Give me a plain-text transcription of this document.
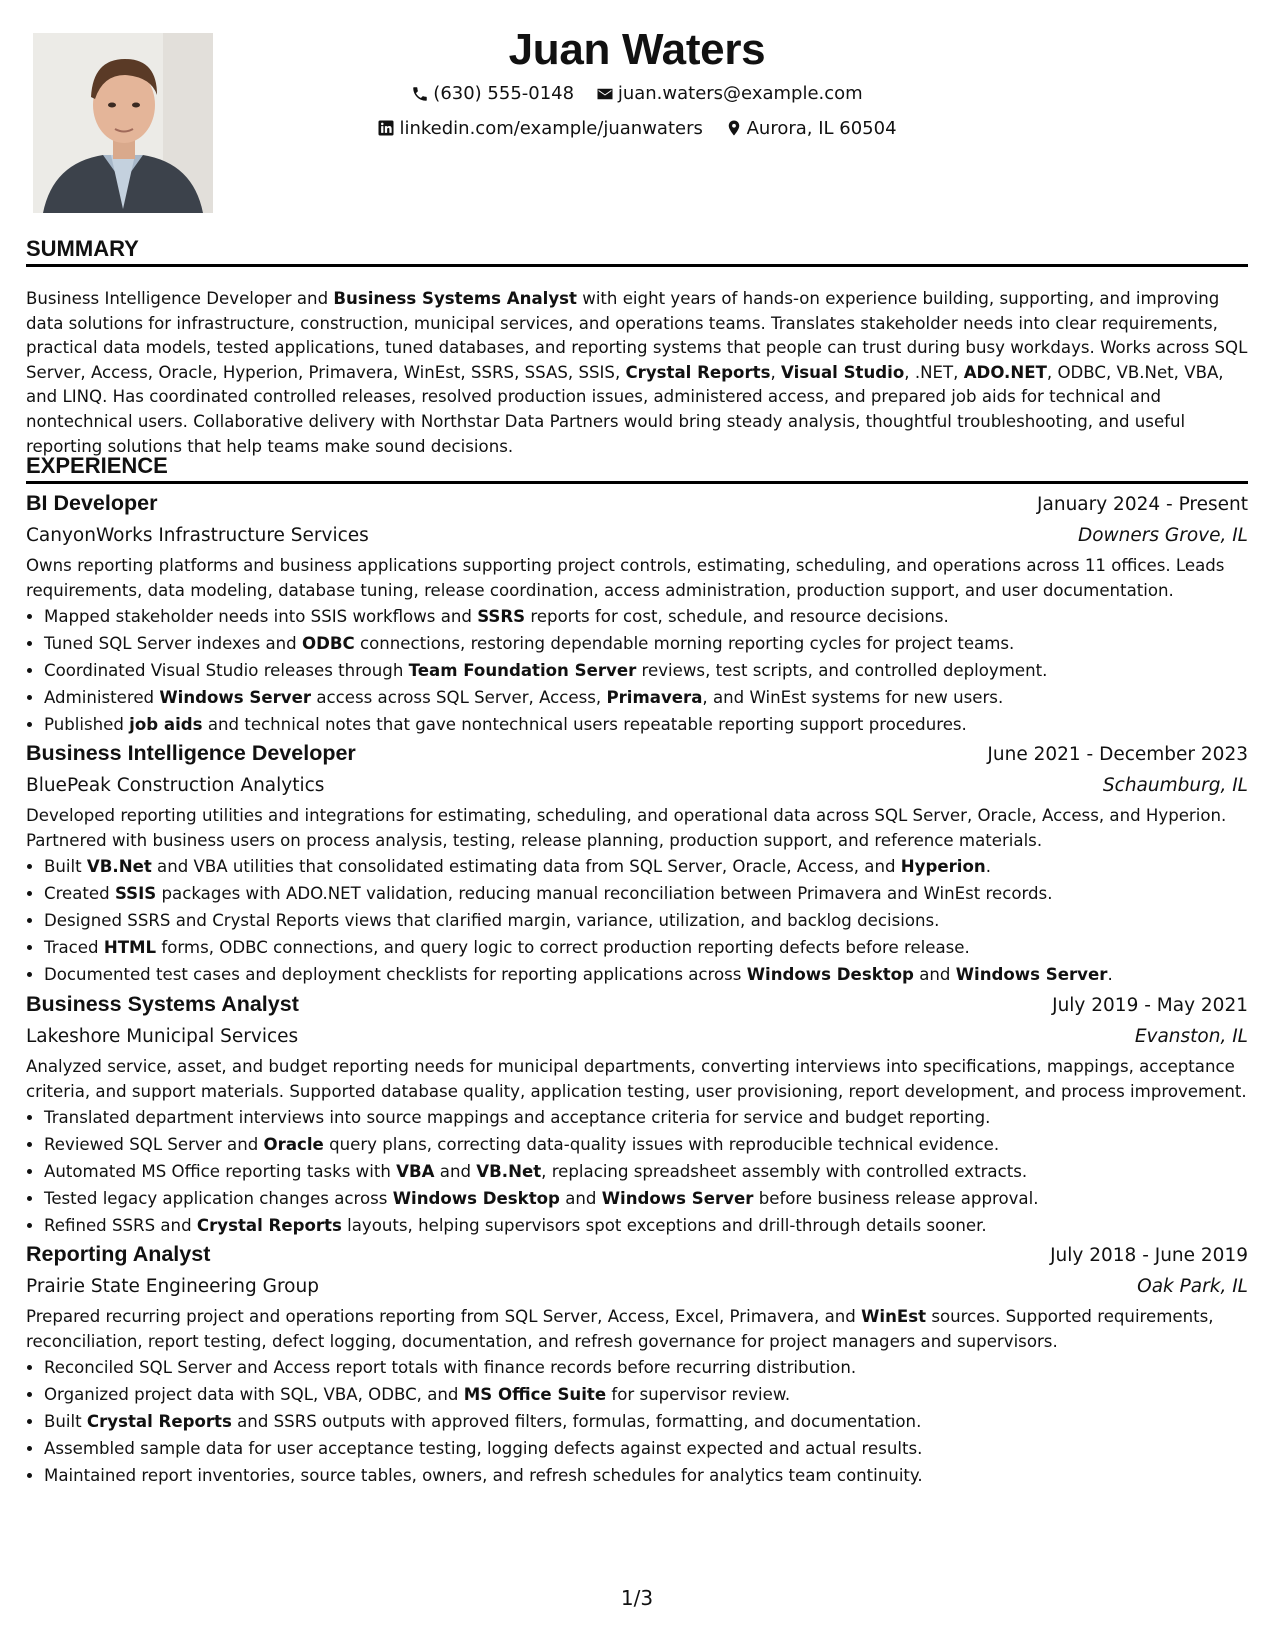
Juan Waters
(630) 555-0148
juan.waters@example.com
linkedin.com/example/juanwaters
Aurora, IL 60504
SUMMARY

Business Intelligence Developer and Business Systems Analyst with eight years of hands-on experience building, supporting, and improving data solutions for infrastructure, construction, municipal services, and operations teams. Translates stakeholder needs into clear requirements, practical data models, tested applications, tuned databases, and reporting systems that people can trust during busy workdays. Works across SQL Server, Access, Oracle, Hyperion, Primavera, WinEst, SSRS, SSAS, SSIS, Crystal Reports, Visual Studio, .NET, ADO.NET, ODBC, VB.Net, VBA, and LINQ. Has coordinated controlled releases, resolved production issues, administered access, and prepared job aids for technical and nontechnical users. Collaborative delivery with Northstar Data Partners would bring steady analysis, thoughtful troubleshooting, and useful reporting solutions that help teams make sound decisions.

EXPERIENCE
BI Developer	January 2024 - Present
CanyonWorks Infrastructure Services	Downers Grove, IL

Owns reporting platforms and business applications supporting project controls, estimating, scheduling, and operations across 11 offices. Leads requirements, data modeling, database tuning, release coordination, access administration, production support, and user documentation.

• Mapped stakeholder needs into SSIS workflows and SSRS reports for cost, schedule, and resource decisions.
• Tuned SQL Server indexes and ODBC connections, restoring dependable morning reporting cycles for project teams.
• Coordinated Visual Studio releases through Team Foundation Server reviews, test scripts, and controlled deployment.
• Administered Windows Server access across SQL Server, Access, Primavera, and WinEst systems for new users.
• Published job aids and technical notes that gave nontechnical users repeatable reporting support procedures.
Business Intelligence Developer	June 2021 - December 2023
BluePeak Construction Analytics	Schaumburg, IL

Developed reporting utilities and integrations for estimating, scheduling, and operational data across SQL Server, Oracle, Access, and Hyperion. Partnered with business users on process analysis, testing, release planning, production support, and reference materials.

• Built VB.Net and VBA utilities that consolidated estimating data from SQL Server, Oracle, Access, and Hyperion.
• Created SSIS packages with ADO.NET validation, reducing manual reconciliation between Primavera and WinEst records.
• Designed SSRS and Crystal Reports views that clarified margin, variance, utilization, and backlog decisions.
• Traced HTML forms, ODBC connections, and query logic to correct production reporting defects before release.
• Documented test cases and deployment checklists for reporting applications across Windows Desktop and Windows Server.
Business Systems Analyst	July 2019 - May 2021
Lakeshore Municipal Services	Evanston, IL

Analyzed service, asset, and budget reporting needs for municipal departments, converting interviews into specifications, mappings, acceptance criteria, and support materials. Supported database quality, application testing, user provisioning, report development, and process improvement.

• Translated department interviews into source mappings and acceptance criteria for service and budget reporting.
• Reviewed SQL Server and Oracle query plans, correcting data-quality issues with reproducible technical evidence.
• Automated MS Office reporting tasks with VBA and VB.Net, replacing spreadsheet assembly with controlled extracts.
• Tested legacy application changes across Windows Desktop and Windows Server before business release approval.
• Refined SSRS and Crystal Reports layouts, helping supervisors spot exceptions and drill-through details sooner.
Reporting Analyst	July 2018 - June 2019
Prairie State Engineering Group	Oak Park, IL

Prepared recurring project and operations reporting from SQL Server, Access, Excel, Primavera, and WinEst sources. Supported requirements, reconciliation, report testing, defect logging, documentation, and refresh governance for project managers and supervisors.

• Reconciled SQL Server and Access report totals with finance records before recurring distribution.
• Organized project data with SQL, VBA, ODBC, and MS Office Suite for supervisor review.
• Built Crystal Reports and SSRS outputs with approved filters, formulas, formatting, and documentation.
• Assembled sample data for user acceptance testing, logging defects against expected and actual results.
• Maintained report inventories, source tables, owners, and refresh schedules for analytics team continuity.
1/3
